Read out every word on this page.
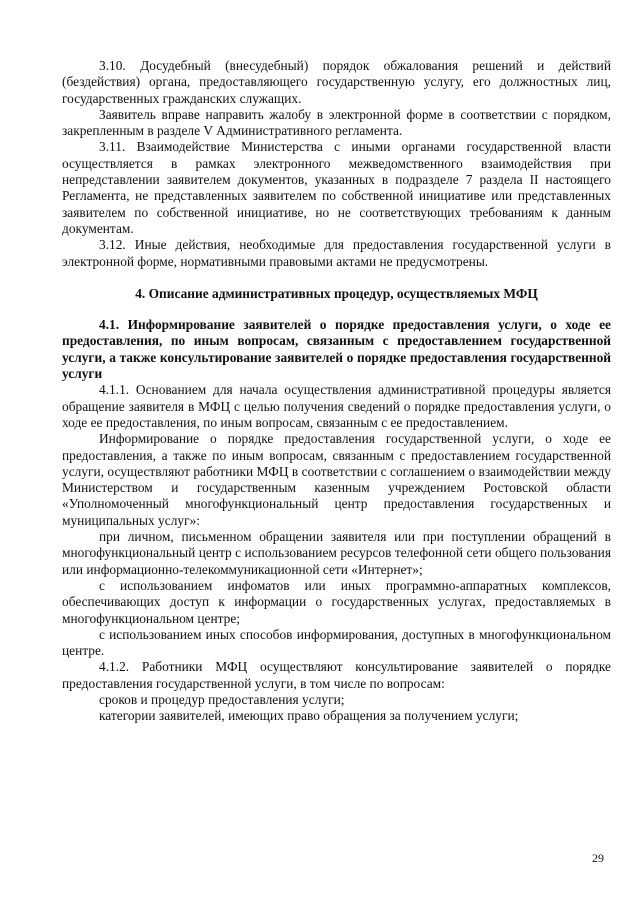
3.10. Досудебный (внесудебный) порядок обжалования решений и действий (бездействия) органа, предоставляющего государственную услугу, его должностных лиц, государственных гражданских служащих.

Заявитель вправе направить жалобу в электронной форме в соответствии с порядком, закрепленным в разделе V Административного регламента.

3.11. Взаимодействие Министерства с иными органами государственной власти осуществляется в рамках электронного межведомственного взаимодействия при непредставлении заявителем документов, указанных в подразделе 7 раздела II настоящего Регламента, не представленных заявителем по собственной инициативе или представленных заявителем по собственной инициативе, но не соответствующих требованиям к данным документам.

3.12. Иные действия, необходимые для предоставления государственной услуги в электронной форме, нормативными правовыми актами не предусмотрены.

4. Описание административных процедур, осуществляемых МФЦ

4.1. Информирование заявителей о порядке предоставления услуги, о ходе ее предоставления, по иным вопросам, связанным с предоставлением государственной услуги, а также консультирование заявителей о порядке предоставления государственной услуги

4.1.1. Основанием для начала осуществления административной процедуры является обращение заявителя в МФЦ с целью получения сведений о порядке предоставления услуги, о ходе ее предоставления, по иным вопросам, связанным с ее предоставлением.

Информирование о порядке предоставления государственной услуги, о ходе ее предоставления, а также по иным вопросам, связанным с предоставлением государственной услуги, осуществляют работники МФЦ в соответствии с соглашением о взаимодействии между Министерством и государственным казенным учреждением Ростовской области «Уполномоченный многофункциональный центр предоставления государственных и муниципальных услуг»:

при личном, письменном обращении заявителя или при поступлении обращений в многофункциональный центр с использованием ресурсов телефонной сети общего пользования или информационно-телекоммуникационной сети «Интернет»;

с использованием инфоматов или иных программно-аппаратных комплексов, обеспечивающих доступ к информации о государственных услугах, предоставляемых в многофункциональном центре;

с использованием иных способов информирования, доступных в многофункциональном центре.

4.1.2. Работники МФЦ осуществляют консультирование заявителей о порядке предоставления государственной услуги, в том числе по вопросам:

сроков и процедур предоставления услуги;

категории заявителей, имеющих право обращения за получением услуги;

29
